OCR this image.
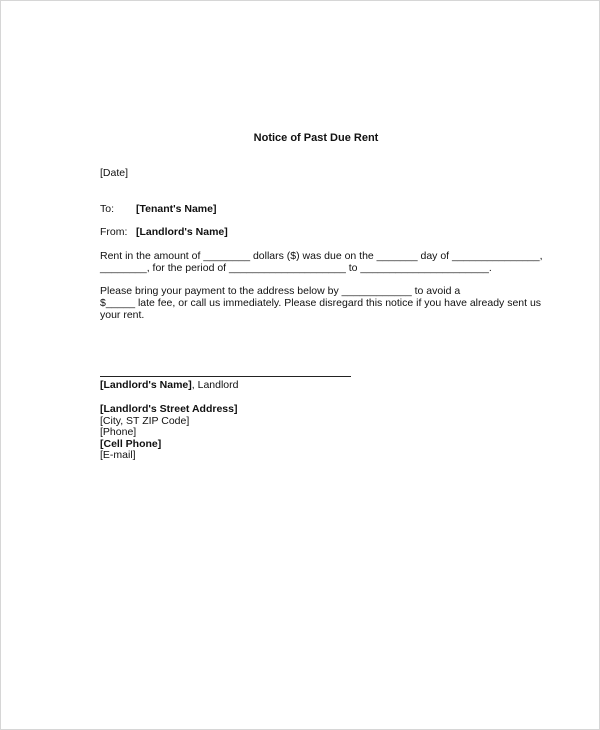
Notice of Past Due Rent
[Date]
To: [Tenant's Name]
From: [Landlord's Name]
Rent in the amount of ________ dollars ($) was due on the _______ day of _______________,
________, for the period of ____________________ to ______________________.
Please bring your payment to the address below by ____________ to avoid a
$_____ late fee, or call us immediately. Please disregard this notice if you have already sent us
your rent.
[Landlord's Name], Landlord
[Landlord's Street Address]
[City, ST ZIP Code]
[Phone]
[Cell Phone]
[E-mail]
